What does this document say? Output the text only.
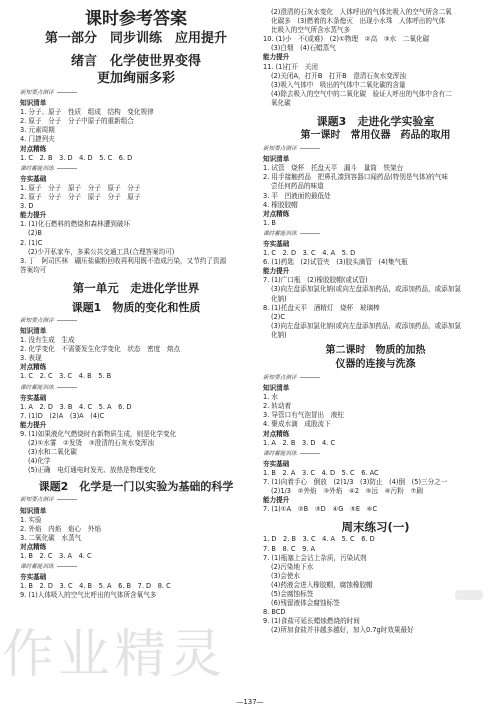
课时参考答案
第一部分　同步训练　应用提升
绪言　化学使世界变得
更加绚丽多彩
新知要点测评
知识清单
1. 分子、原子　性质　组成　结构　变化规律
2. 原子　分子　分子中原子的重新组合
3. 元素周期
4. 门捷列夫
对点精练
1. C　2. B　3. D　4. D　5. C　6. D
课时蓄能训练
夯实基础
1. 原子　分子　原子　分子　原子　分子
2. 原子　分子　分子　原子　分子　原子
3. D
能力提升
1. (1)化石燃料的燃烧和森林遭到破坏
(2)B
2. (1)C
(2)少开私家车，多乘公共交通工具(合理答案均可)
3. 丁　阿司匹林　硼压盐碳粉回收再利用既不造成污染，又节约了资源
答案均可
第一单元　走进化学世界
课题1　物质的变化和性质
新知要点测评
知识清单
1. 没有生成　生成
2. 化学变化　不需要发生化学变化　状态　密度　熔点
3. 表现
对点精练
1. C　2. C　3. C　4. B　5. B
课时蓄能训练
夯实基础
1. A　2. D　3. B　4. C　5. A　6. D
7. (1)D　(2)A　(3)A　(4)C
能力提升
9. (1)如果液化气燃烧时有新物质生成，则是化学变化
(2)①水雾　②发烫　③澄清的石灰水变浑浊
(3)水和二氧化碳
(4)化学
(5)正确　电灯通电时发光、放热是物理变化
课题2　化学是一门以实验为基础的科学
新知要点测评
知识清单
1. 实验
2. 外焰　内焰　焰心　外焰
3. 二氧化碳　水蒸气
对点精练
1. B　2. C　3. A　4. C
课时蓄能训练
夯实基础
1. B　2. D　3. C　4. B　5. A　6. B　7. D　8. C
9. (1)人体吸入的空气比呼出的气体所含氧气多
(2)澄清的石灰水变化　人体呼出的气体比吸入的空气所含二氧
化碳多　(3)燃着的木条熄灭　出现小水珠　人体呼出的气体
比吸入的空气所含水蒸气多
10. (1)小　不(或难)　(2)①物理　②高　③水　二氧化碳
(3)白烟　(4)石蜡蒸气
能力提升
11. (1)打开　关闭
(2)关闭A，打开B　打开B　澄清石灰水变浑浊
(3)吸入气体中　吸出的气体中二氧化碳的含量
(4)除去吸入的空气中的二氧化碳　验证人呼出的气体中含有二
氧化碳
课题3　走进化学实验室
第一课时　常用仪器　药品的取用
新知要点测评
知识清单
1. 试管　烧杯　托盘天平　漏斗　量筒　铁架台
2. 用手接触药品　把鼻孔凑到容器口闻药品(特别是气体)的气味
尝任何药品的味道
3. 平　凹液面的最低处
4. 橡胶胶帽
对点精练
1. B
课时蓄能训练
夯实基础
1. C　2. D　3. C　4. A　5. D
6. (1)药匙　(2)试管夹　(3)胶头滴管　(4)集气瓶
能力提升
7. (1)广口瓶　(2)橡胶胶帽(或试管)
(3)向左盘添加氯化钠(或向左盘添加药品，或添加药品，或添加氯
化钠)
8. (1)托盘天平　酒精灯　烧杯　玻璃棒
(2)C
(3)向左盘添加氯化钠(或向左盘添加药品，或添加药品，或添加氯
化钠)
第二课时　物质的加热
仪器的连接与洗涤
新知要点测评
知识清单
1. 水
2. 转动着
3. 导管口有气泡冒出　液柱
4. 聚成水滴　成股流下
对点精练
1. A　2. B　3. D　4. C
课时蓄能训练
夯实基础
1. B　2. A　3. C　4. D　5. C　6. AC
7. (1)向着手心　倒放　(2)1/3　(3)防止　(4)倒　(5)三分之一
(2)1/3　②外焰　③外焰　④2　⑤远　⑥污粉　⑦刷
能力提升
7. (1)①A　②B　③D　④G　⑤E　⑥C
周末练习(一)
1. D　2. B　3. C　4. A　5. C　6. D
7. B　8. C　9. A
7. (1)瓶塞上会沾上杂质，污染试剂
(2)污染地下水
(3)会使水
(4)药液会进入橡胶帽，腐蚀橡胶帽
(5)会腐蚀标签
(6)残留液体会腐蚀标签
8. BCD
9. (1)食盐可延长蜡烛燃烧的时间
(2)所加食盐并非越多越好，加入0.7g时效果最好
作业精灵
—137—
